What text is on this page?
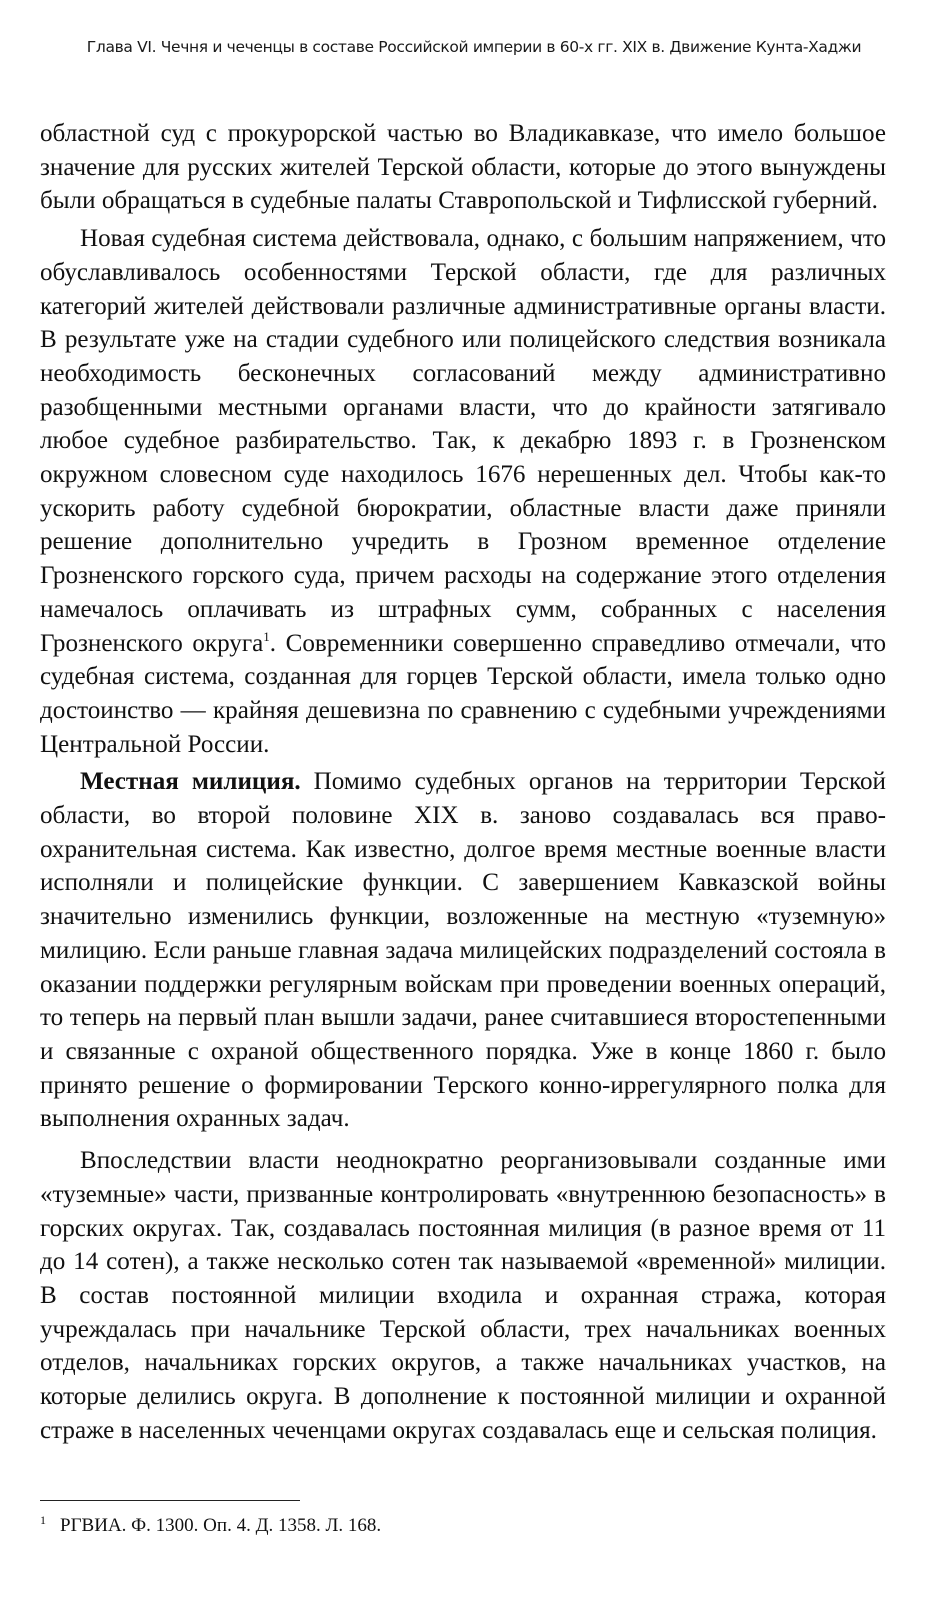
Глава VI. Чечня и чеченцы в составе Российской империи в 60-х гг. XIX в. Движение Кунта-Хаджи

областной суд с прокурорской частью во Владикавказе, что имело большое значение для русских жителей Терской области, которые до этого вынуждены были обращаться в судебные палаты Ставропольской и Тифлисской губерний.

Новая судебная система действовала, однако, с большим напряжением, что обуславливалось особенностями Терской области, где для различных категорий жителей действовали различные административные органы власти. В результате уже на стадии судебного или полицейского следствия возникала необходимость бесконечных согласований между административно разобщенными местными органами власти, что до крайности затягивало любое судебное разбирательство. Так, к декабрю 1893 г. в Грозненском окружном словесном суде находилось 1676 нерешенных дел. Чтобы как-то ускорить работу судебной бюрократии, областные власти даже приняли решение дополнительно учредить в Грозном временное отделение Грозненского горского суда, причем расходы на содержание этого отделения намечалось оплачивать из штрафных сумм, собранных с населения Грозненского округа$^1$. Современники совершенно справедливо отмечали, что судебная система, созданная для горцев Терской области, имела только одно достоинство — крайняя дешевизна по сравнению с судебными учреждениями Центральной России.

Местная милиция. Помимо судебных органов на территории Терской области, во второй половине XIX в. заново создавалась вся правоохранительная система. Как известно, долгое время местные военные власти исполняли и полицейские функции. С завершением Кавказской войны значительно изменились функции, возложенные на местную «туземную» милицию. Если раньше главная задача милицейских подразделений состояла в оказании поддержки регулярным войскам при проведении военных операций, то теперь на первый план вышли задачи, ранее считавшиеся второстепенными и связанные с охраной общественного порядка. Уже в конце 1860 г. было принято решение о формировании Терского конно-иррегулярного полка для выполнения охранных задач.

Впоследствии власти неоднократно реорганизовывали созданные ими «туземные» части, призванные контролировать «внутреннюю безопасность» в горских округах. Так, создавалась постоянная милиция (в разное время от 11 до 14 сотен), а также несколько сотен так называемой «временной» милиции. В состав постоянной милиции входила и охранная стража, которая учреждалась при начальнике Терской области, трех начальниках военных отделов, начальниках горских округов, а также начальниках участков, на которые делились округа. В дополнение к постоянной милиции и охранной страже в населенных чеченцами округах создавалась еще и сельская полиция.

$^1$ РГВИА. Ф. 1300. Оп. 4. Д. 1358. Л. 168.
